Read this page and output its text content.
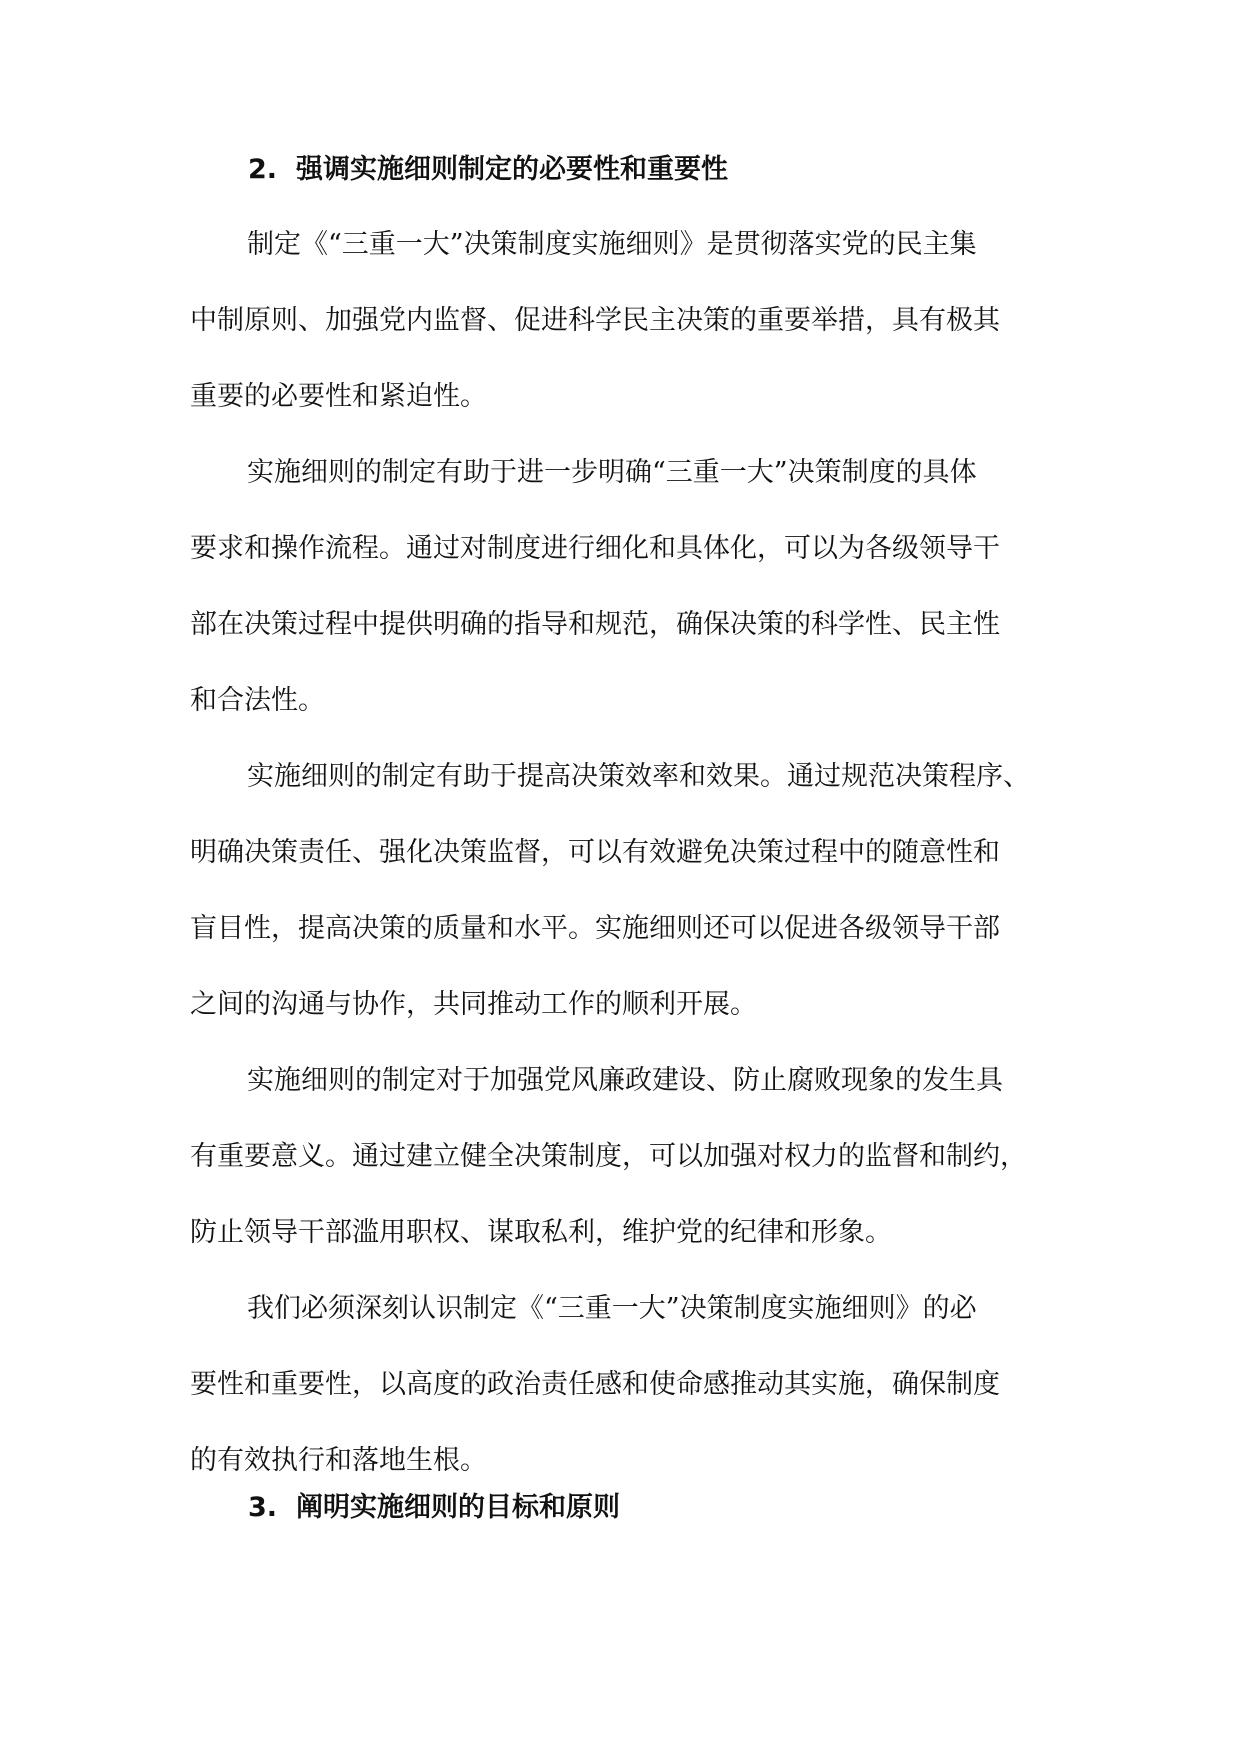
2. 强调实施细则制定的必要性和重要性
制定《“三重一大”决策制度实施细则》是贯彻落实党的民主集
中制原则、加强党内监督、促进科学民主决策的重要举措，具有极其
重要的必要性和紧迫性。
实施细则的制定有助于进一步明确“三重一大”决策制度的具体
要求和操作流程。通过对制度进行细化和具体化，可以为各级领导干
部在决策过程中提供明确的指导和规范，确保决策的科学性、民主性
和合法性。
实施细则的制定有助于提高决策效率和效果。通过规范决策程序、
明确决策责任、强化决策监督，可以有效避免决策过程中的随意性和
盲目性，提高决策的质量和水平。实施细则还可以促进各级领导干部
之间的沟通与协作，共同推动工作的顺利开展。
实施细则的制定对于加强党风廉政建设、防止腐败现象的发生具
有重要意义。通过建立健全决策制度，可以加强对权力的监督和制约，
防止领导干部滥用职权、谋取私利，维护党的纪律和形象。
我们必须深刻认识制定《“三重一大”决策制度实施细则》的必
要性和重要性，以高度的政治责任感和使命感推动其实施，确保制度
的有效执行和落地生根。
3. 阐明实施细则的目标和原则
